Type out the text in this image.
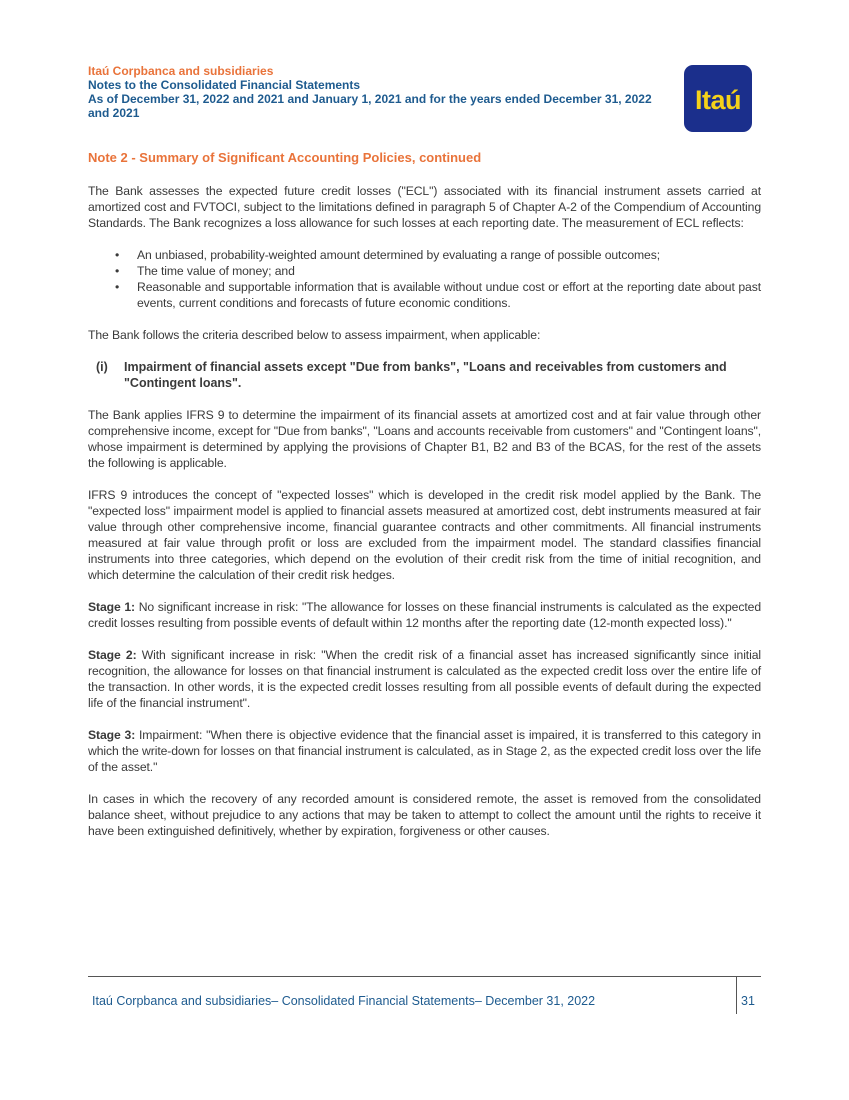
Itaú Corpbanca and subsidiaries
Notes to the Consolidated Financial Statements
As of December 31, 2022 and 2021 and January 1, 2021 and for the years ended December 31, 2022
and 2021	Itaú
Note 2 - Summary of Significant Accounting Policies, continued

The Bank assesses the expected future credit losses ("ECL") associated with its financial instrument assets carried at amortized cost and FVTOCI, subject to the limitations defined in paragraph 5 of Chapter A-2 of the Compendium of Accounting Standards. The Bank recognizes a loss allowance for such losses at each reporting date. The measurement of ECL reflects:

• An unbiased, probability-weighted amount determined by evaluating a range of possible outcomes;
• The time value of money; and
• Reasonable and supportable information that is available without undue cost or effort at the reporting date about past events, current conditions and forecasts of future economic conditions.

The Bank follows the criteria described below to assess impairment, when applicable:

(i)	Impairment of financial assets except "Due from banks", "Loans and receivables from customers and "Contingent loans".

The Bank applies IFRS 9 to determine the impairment of its financial assets at amortized cost and at fair value through other comprehensive income, except for "Due from banks", "Loans and accounts receivable from customers" and "Contingent loans", whose impairment is determined by applying the provisions of Chapter B1, B2 and B3 of the BCAS, for the rest of the assets the following is applicable.

IFRS 9 introduces the concept of "expected losses" which is developed in the credit risk model applied by the Bank. The "expected loss" impairment model is applied to financial assets measured at amortized cost, debt instruments measured at fair value through other comprehensive income, financial guarantee contracts and other commitments. All financial instruments measured at fair value through profit or loss are excluded from the impairment model. The standard classifies financial instruments into three categories, which depend on the evolution of their credit risk from the time of initial recognition, and which determine the calculation of their credit risk hedges.

Stage 1: No significant increase in risk: "The allowance for losses on these financial instruments is calculated as the expected credit losses resulting from possible events of default within 12 months after the reporting date (12-month expected loss)."

Stage 2: With significant increase in risk: "When the credit risk of a financial asset has increased significantly since initial recognition, the allowance for losses on that financial instrument is calculated as the expected credit loss over the entire life of the transaction. In other words, it is the expected credit losses resulting from all possible events of default during the expected life of the financial instrument".

Stage 3: Impairment: "When there is objective evidence that the financial asset is impaired, it is transferred to this category in which the write-down for losses on that financial instrument is calculated, as in Stage 2, as the expected credit loss over the life of the asset."

In cases in which the recovery of any recorded amount is considered remote, the asset is removed from the consolidated balance sheet, without prejudice to any actions that may be taken to attempt to collect the amount until the rights to receive it have been extinguished definitively, whether by expiration, forgiveness or other causes.

Itaú Corpbanca and subsidiaries– Consolidated Financial Statements– December 31, 2022	31
